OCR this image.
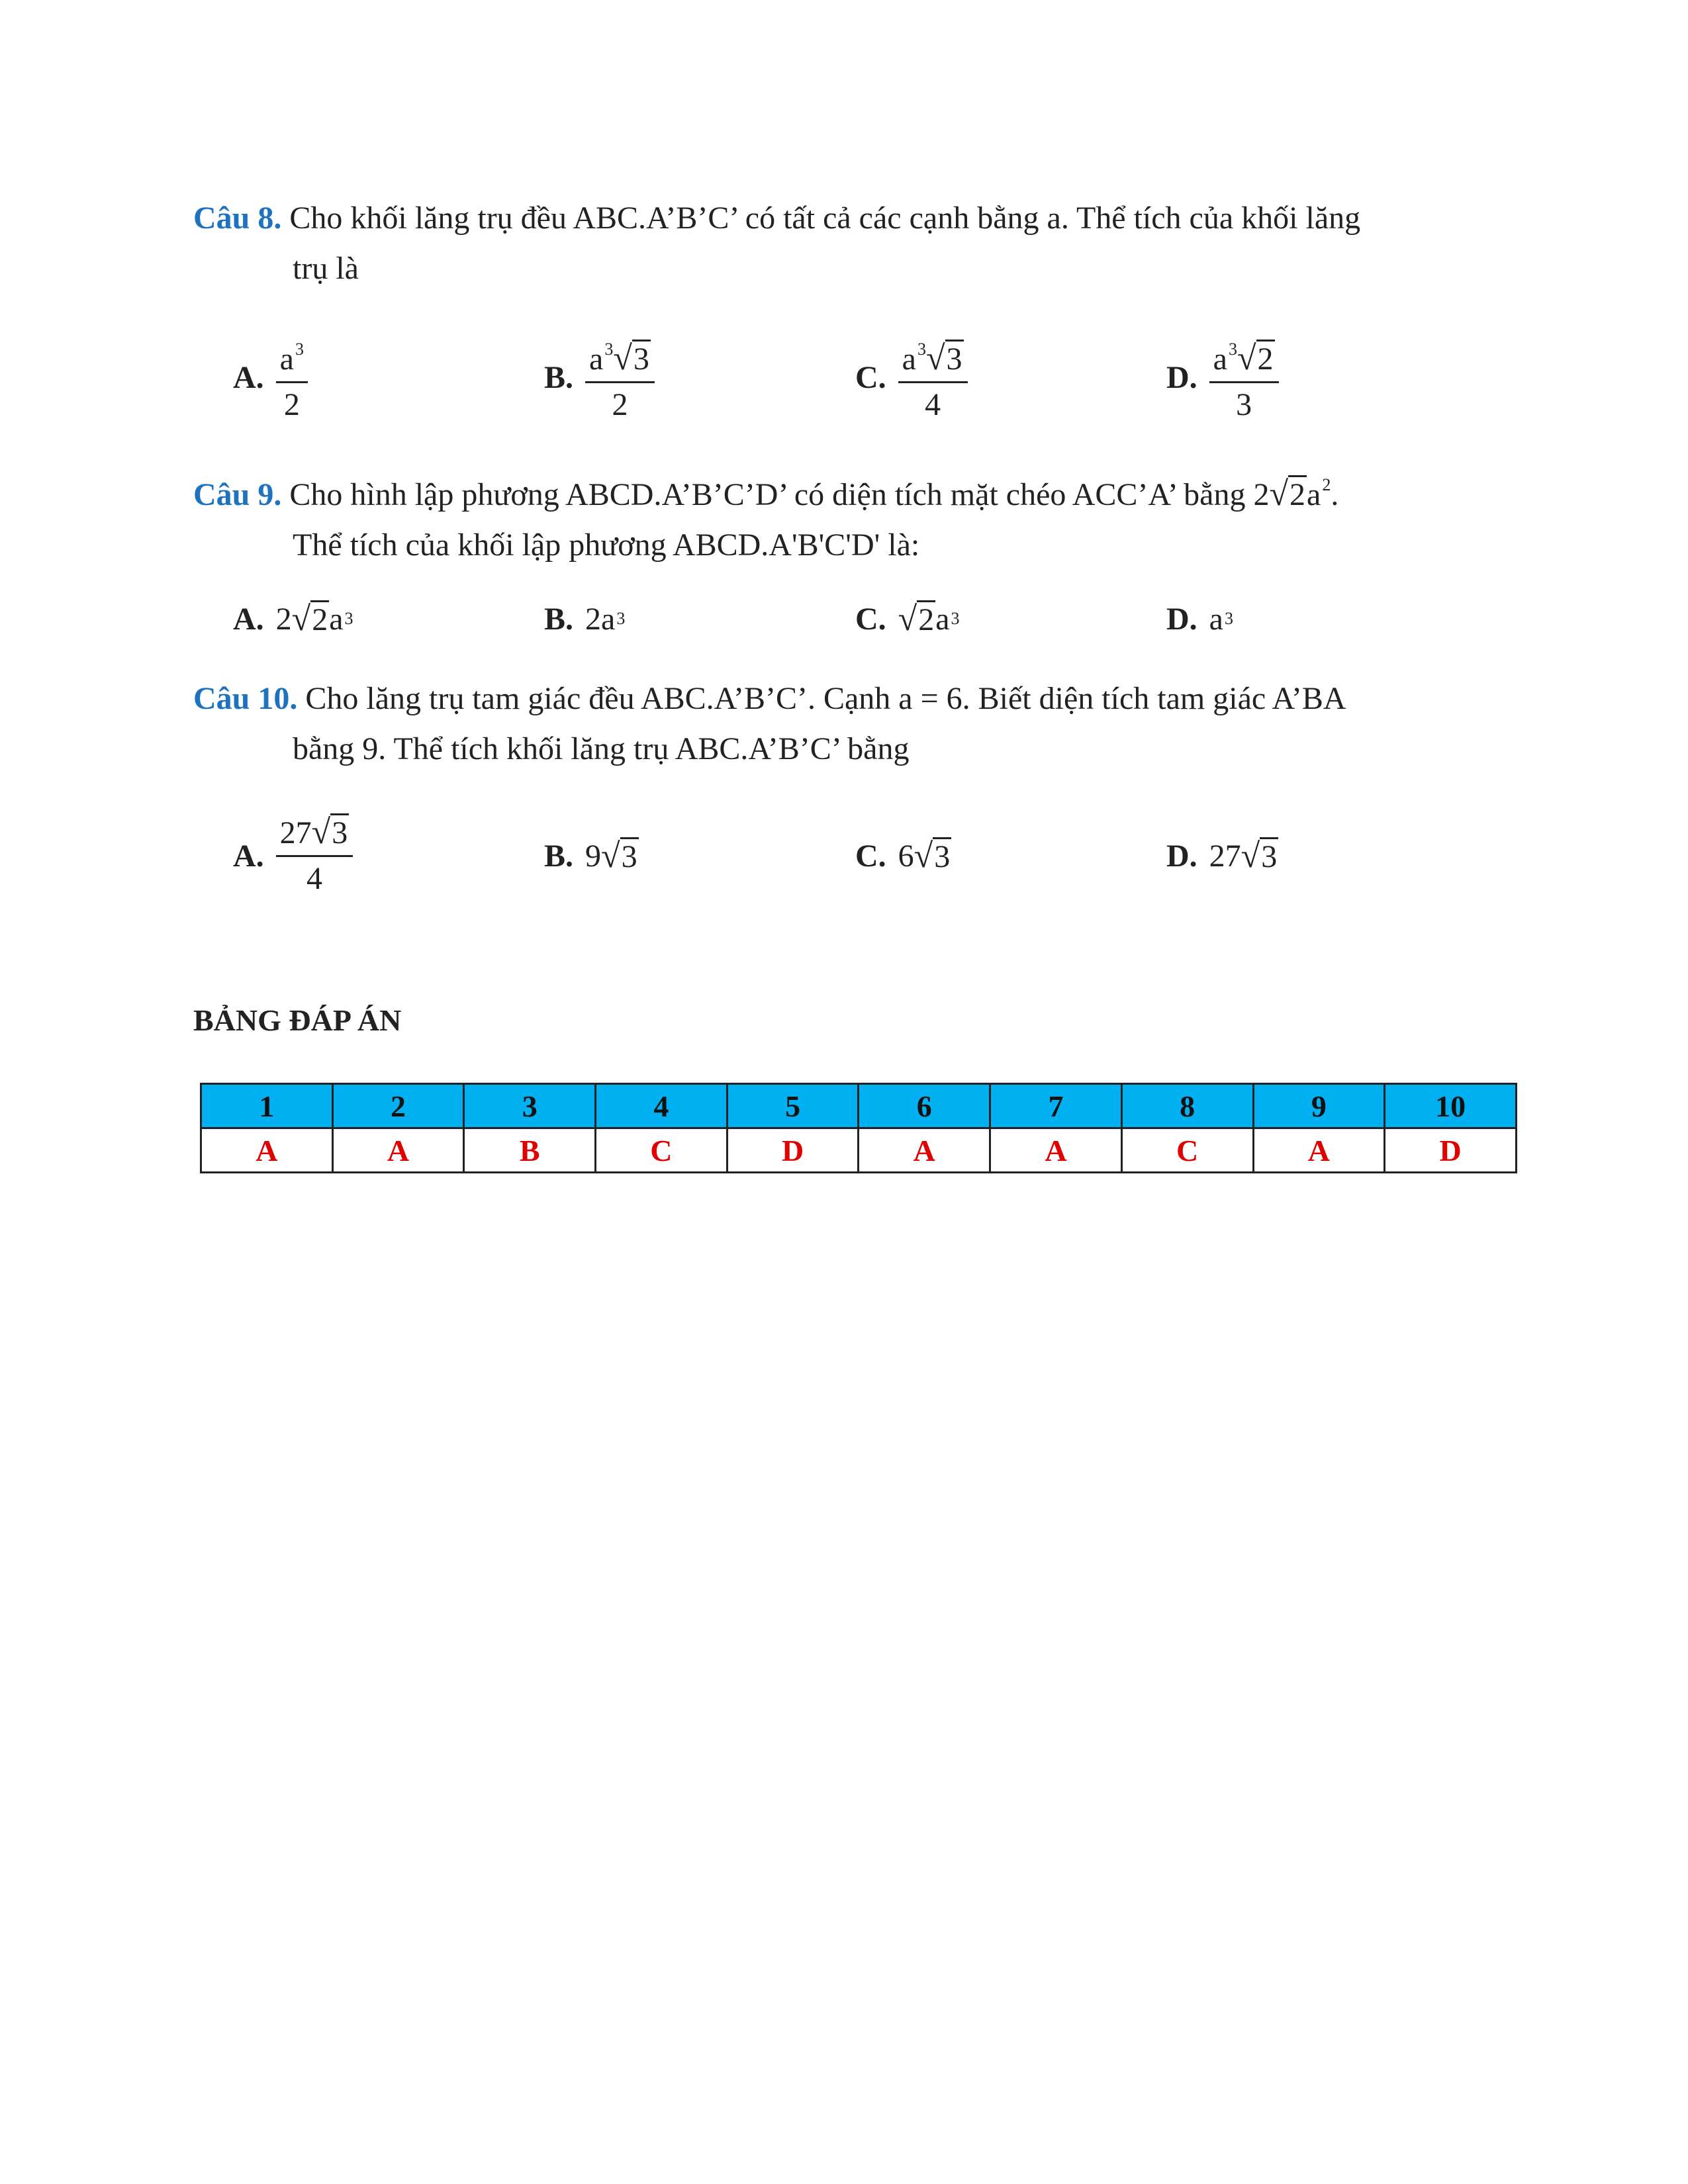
Câu 8. Cho khối lăng trụ đều ABC.A’B’C’ có tất cả các cạnh bằng a. Thể tích của khối lăng
trụ là
A. $\frac{a^3}{2}$	B. $\frac{a^3√3}{2}$	C. $\frac{a^3√3}{4}$	D. $\frac{a^3√2}{3}$
Câu 9. Cho hình lập phương ABCD.A’B’C’D’ có diện tích mặt chéo ACC’A’ bằng $2√2a^2$.
Thể tích của khối lập phương ABCD.A'B'C'D' là:
A. 2 √2 a 3	B. 2 a 3	C. √2 a 3	D. a 3
Câu 10. Cho lăng trụ tam giác đều ABC.A’B’C’. Cạnh a = 6. Biết diện tích tam giác A’BA
bằng 9. Thể tích khối lăng trụ ABC.A’B’C’ bằng
A. $\frac{27√3}{4}$	B. 9 √3	C. 6 √3	D. 27 √3
BẢNG ĐÁP ÁN
1	2	3	4	5	6	7	8	9	10
A	A	B	C	D	A	A	C	A	D
